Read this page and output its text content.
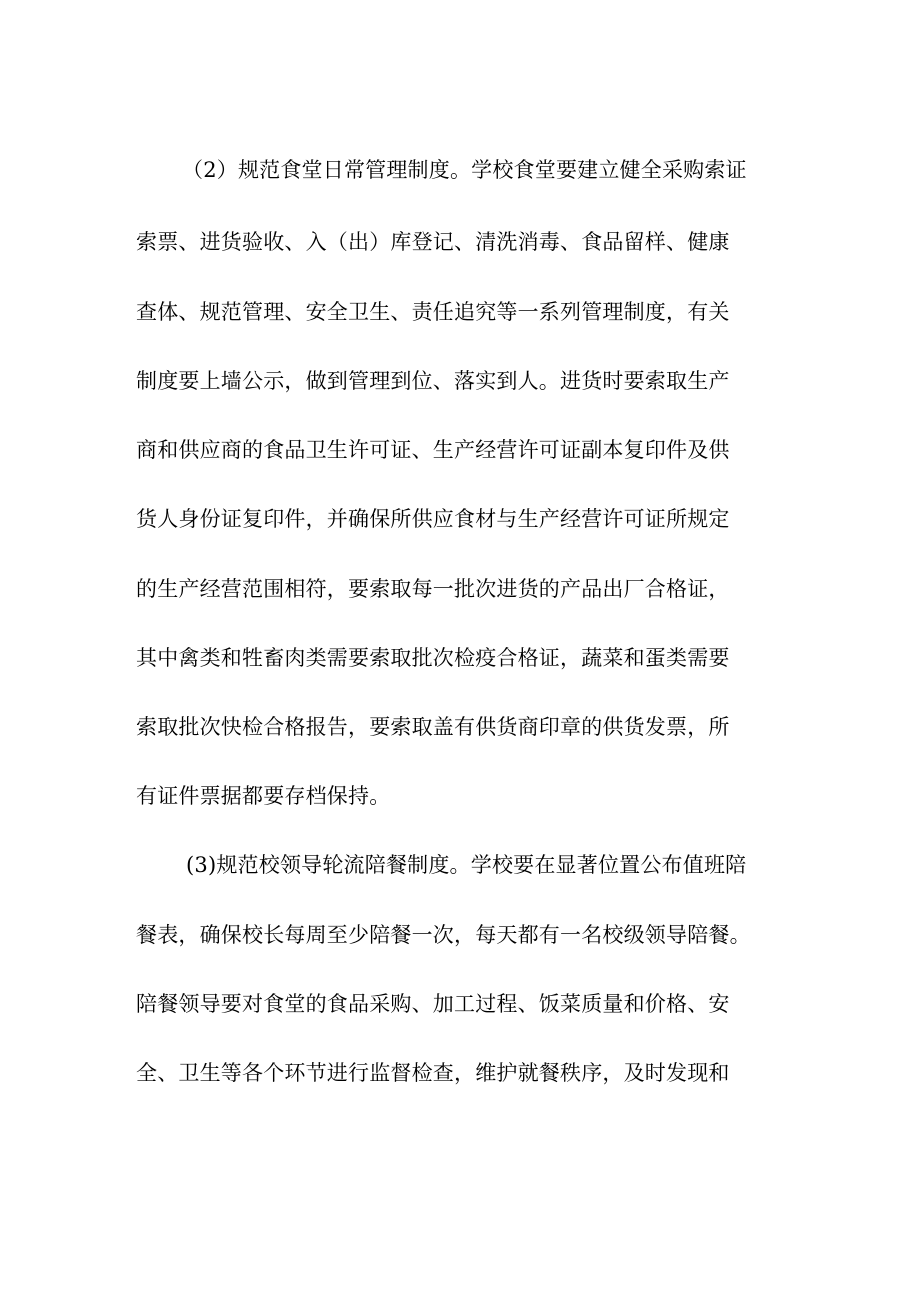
（2）规范食堂日常管理制度。学校食堂要建立健全采购索证
索票、进货验收、入（出）库登记、清洗消毒、食品留样、健康
查体、规范管理、安全卫生、责任追究等一系列管理制度，有关
制度要上墙公示，做到管理到位、落实到人。进货时要索取生产
商和供应商的食品卫生许可证、生产经营许可证副本复印件及供
货人身份证复印件，并确保所供应食材与生产经营许可证所规定
的生产经营范围相符，要索取每一批次进货的产品出厂合格证，
其中禽类和牲畜肉类需要索取批次检疫合格证，蔬菜和蛋类需要
索取批次快检合格报告，要索取盖有供货商印章的供货发票，所
有证件票据都要存档保持。
(3)规范校领导轮流陪餐制度。学校要在显著位置公布值班陪
餐表，确保校长每周至少陪餐一次，每天都有一名校级领导陪餐。
陪餐领导要对食堂的食品采购、加工过程、饭菜质量和价格、安
全、卫生等各个环节进行监督检查，维护就餐秩序，及时发现和
